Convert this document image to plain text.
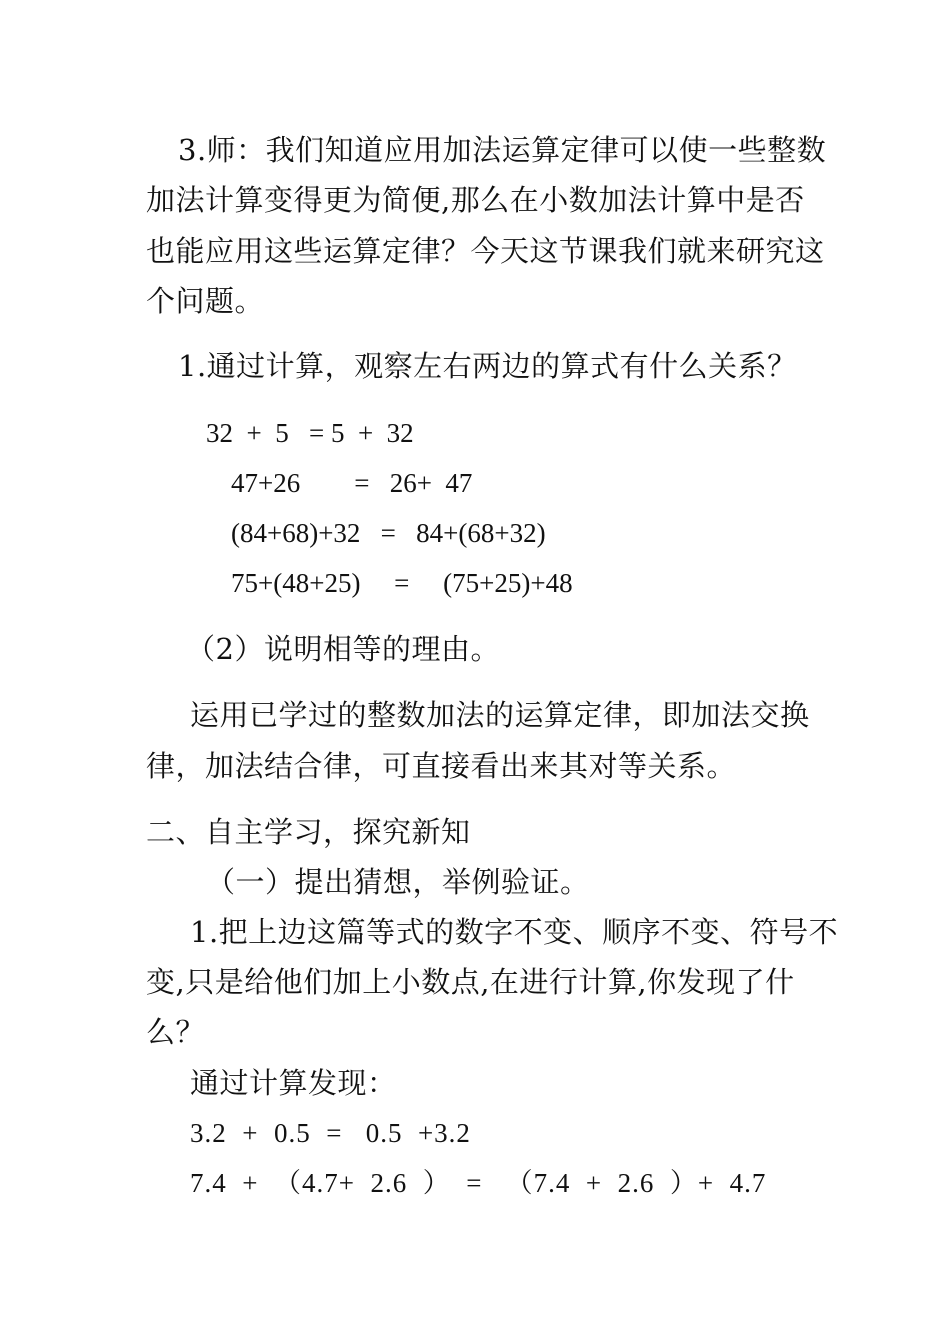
3.师：我们知道应用加法运算定律可以使一些整数
加法计算变得更为简便,那么在小数加法计算中是否
也能应用这些运算定律？今天这节课我们就来研究这
个问题。
1.通过计算，观察左右两边的算式有什么关系？
32  +  5   = 5  +  32
47+26        =   26+  47
(84+68)+32   =   84+(68+32)
75+(48+25)     =     (75+25)+48
（2）说明相等的理由。
运用已学过的整数加法的运算定律，即加法交换
律，加法结合律，可直接看出来其对等关系。
二、自主学习，探究新知
（一）提出猜想，举例验证。
1.把上边这篇等式的数字不变、顺序不变、符号不
变,只是给他们加上小数点,在进行计算,你发现了什
么？
通过计算发现：
3.2  +  0.5  =   0.5  +3.2
7.4  +  （4.7+  2.6  ）  =   （7.4  +  2.6  ）+  4.7
